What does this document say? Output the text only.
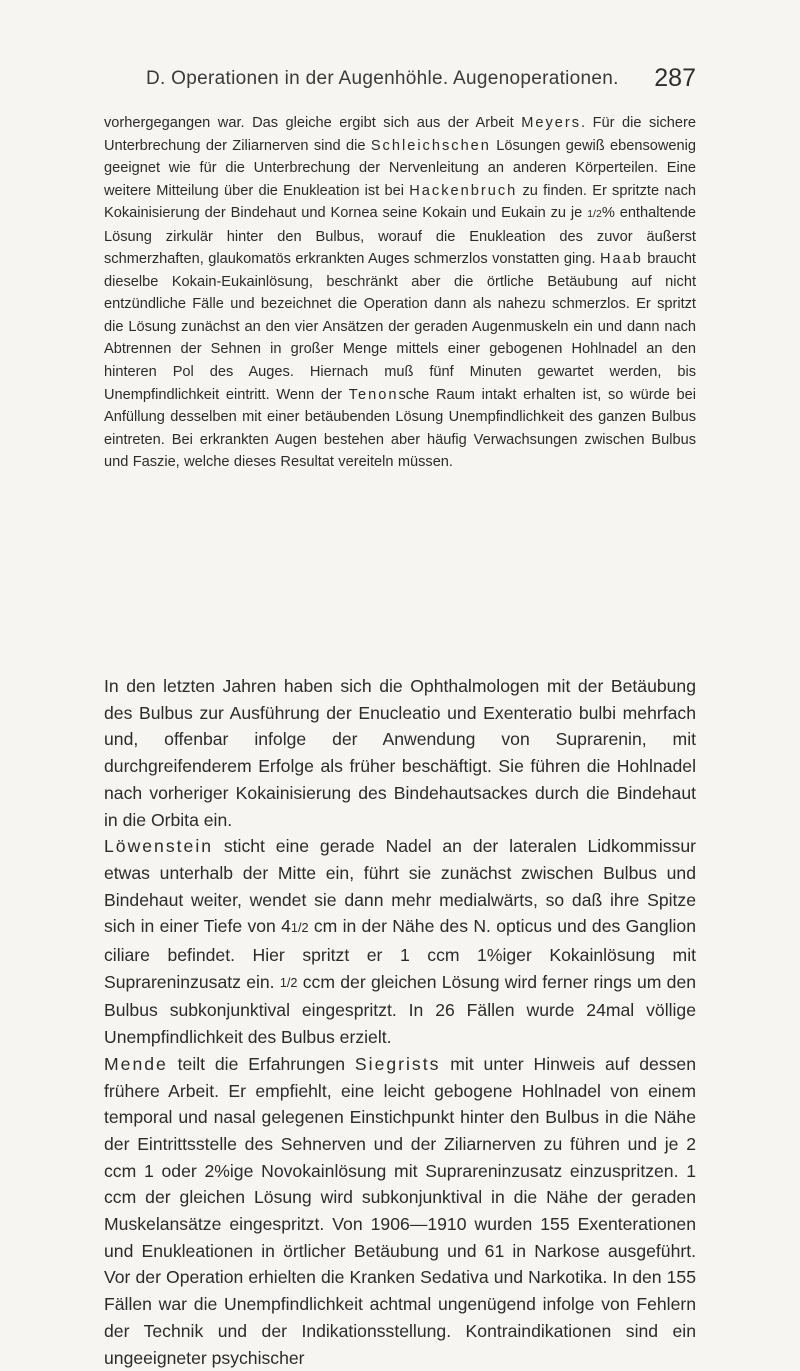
D. Operationen in der Augenhöhle. Augenoperationen. 287

vorhergegangen war. Das gleiche ergibt sich aus der Arbeit Meyers. Für die sichere Unterbrechung der Ziliarnerven sind die Schleichschen Lösungen gewiß ebensowenig geeignet wie für die Unterbrechung der Nervenleitung an anderen Körperteilen. Eine weitere Mitteilung über die Enukleation ist bei Hackenbruch zu finden. Er spritzte nach Kokainisierung der Bindehaut und Kornea seine Kokain und Eukain zu je 1/2% enthaltende Lösung zirkulär hinter den Bulbus, worauf die Enukleation des zuvor äußerst schmerzhaften, glaukomatös erkrankten Auges schmerzlos vonstatten ging. Haab braucht dieselbe Kokain-Eukainlösung, beschränkt aber die örtliche Betäubung auf nicht entzündliche Fälle und bezeichnet die Operation dann als nahezu schmerzlos. Er spritzt die Lösung zunächst an den vier Ansätzen der geraden Augenmuskeln ein und dann nach Abtrennen der Sehnen in großer Menge mittels einer gebogenen Hohlnadel an den hinteren Pol des Auges. Hiernach muß fünf Minuten gewartet werden, bis Unempfindlichkeit eintritt. Wenn der Tenonsche Raum intakt erhalten ist, so würde bei Anfüllung desselben mit einer betäubenden Lösung Unempfindlichkeit des ganzen Bulbus eintreten. Bei erkrankten Augen bestehen aber häufig Verwachsungen zwischen Bulbus und Faszie, welche dieses Resultat vereiteln müssen.

In den letzten Jahren haben sich die Ophthalmologen mit der Betäubung des Bulbus zur Ausführung der Enucleatio und Exenteratio bulbi mehrfach und, offenbar infolge der Anwendung von Suprarenin, mit durchgreifenderem Erfolge als früher beschäftigt. Sie führen die Hohlnadel nach vorheriger Kokainisierung des Bindehautsackes durch die Bindehaut in die Orbita ein.

Löwenstein sticht eine gerade Nadel an der lateralen Lidkommissur etwas unterhalb der Mitte ein, führt sie zunächst zwischen Bulbus und Bindehaut weiter, wendet sie dann mehr medialwärts, so daß ihre Spitze sich in einer Tiefe von 41/2 cm in der Nähe des N. opticus und des Ganglion ciliare befindet. Hier spritzt er 1 ccm 1%iger Kokainlösung mit Suprareninzusatz ein. 1/2 ccm der gleichen Lösung wird ferner rings um den Bulbus subkonjunktival eingespritzt. In 26 Fällen wurde 24mal völlige Unempfindlichkeit des Bulbus erzielt.

Mende teilt die Erfahrungen Siegrists mit unter Hinweis auf dessen frühere Arbeit. Er empfiehlt, eine leicht gebogene Hohlnadel von einem temporal und nasal gelegenen Einstichpunkt hinter den Bulbus in die Nähe der Eintrittsstelle des Sehnerven und der Ziliarnerven zu führen und je 2 ccm 1 oder 2%ige Novokainlösung mit Suprareninzusatz einzuspritzen. 1 ccm der gleichen Lösung wird subkonjunktival in die Nähe der geraden Muskelansätze eingespritzt. Von 1906—1910 wurden 155 Exenterationen und Enukleationen in örtlicher Betäubung und 61 in Narkose ausgeführt. Vor der Operation erhielten die Kranken Sedativa und Narkotika. In den 155 Fällen war die Unempfindlichkeit achtmal ungenügend infolge von Fehlern der Technik und der Indikationsstellung. Kontraindikationen sind ein ungeeigneter psychischer
